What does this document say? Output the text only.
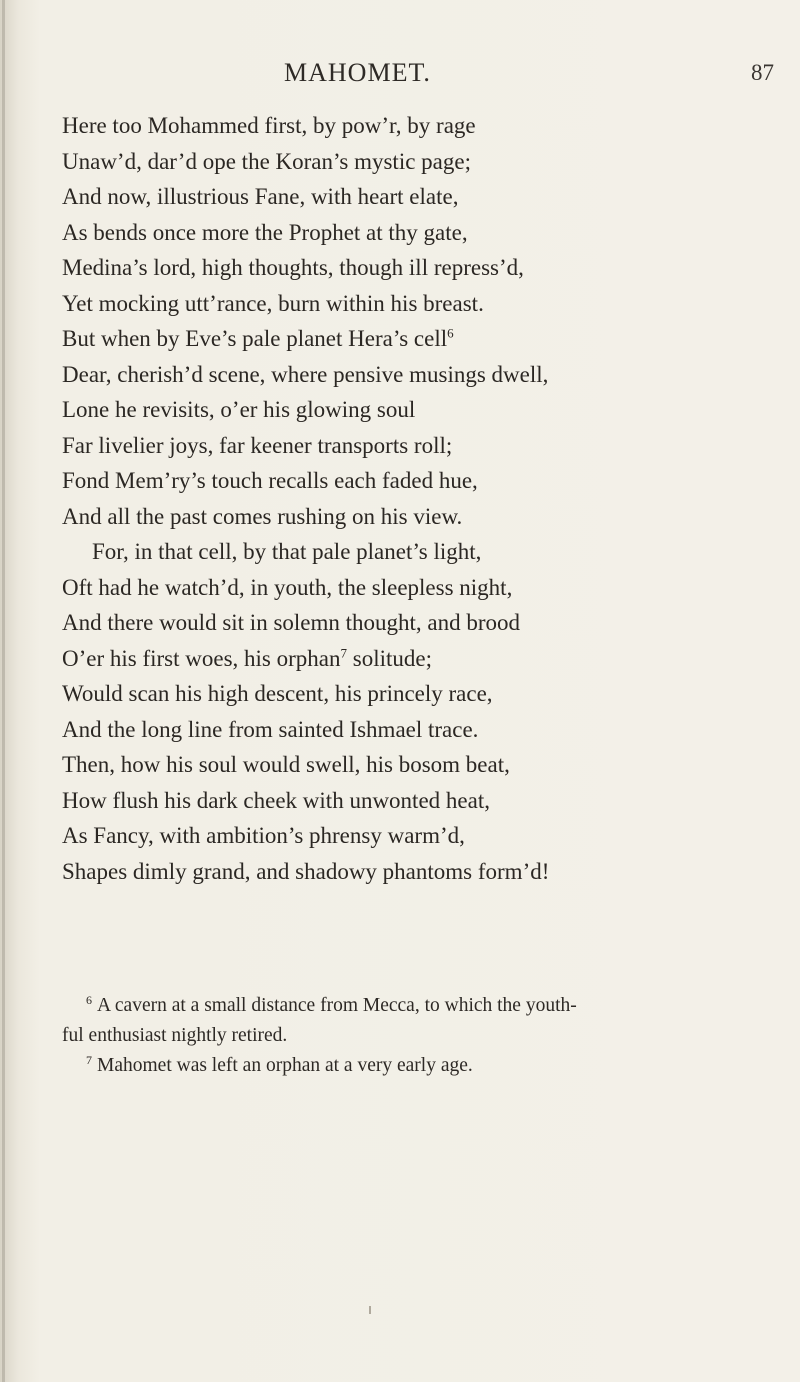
MAHOMET.	87
Here too Mohammed first, by pow’r, by rage
Unaw’d, dar’d ope the Koran’s mystic page;
And now, illustrious Fane, with heart elate,
As bends once more the Prophet at thy gate,
Medina’s lord, high thoughts, though ill repress’d,
Yet mocking utt’rance, burn within his breast.
But when by Eve’s pale planet Hera’s cell$^6$
Dear, cherish’d scene, where pensive musings dwell,
Lone he revisits, o’er his glowing soul
Far livelier joys, far keener transports roll;
Fond Mem’ry’s touch recalls each faded hue,
And all the past comes rushing on his view.
For, in that cell, by that pale planet’s light,
Oft had he watch’d, in youth, the sleepless night,
And there would sit in solemn thought, and brood
O’er his first woes, his orphan$^7$ solitude;
Would scan his high descent, his princely race,
And the long line from sainted Ishmael trace.
Then, how his soul would swell, his bosom beat,
How flush his dark cheek with unwonted heat,
As Fancy, with ambition’s phrensy warm’d,
Shapes dimly grand, and shadowy phantoms form’d!
$^6$ A cavern at a small distance from Mecca, to which the youth-
ful enthusiast nightly retired.
$^7$ Mahomet was left an orphan at a very early age.
